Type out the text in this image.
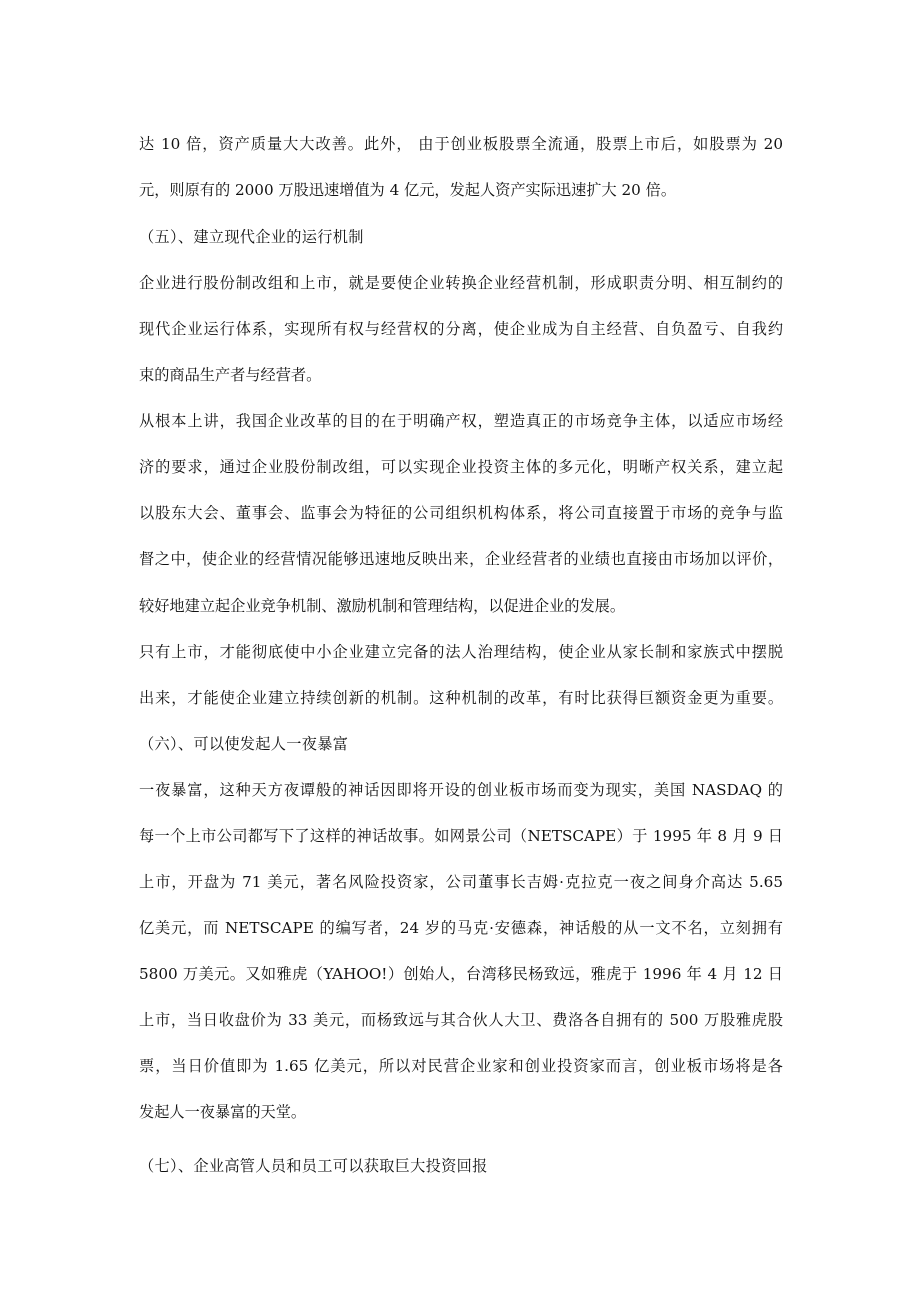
达 10 倍，资产质量大大改善。此外， 由于创业板股票全流通，股票上市后，如股票为 20
元，则原有的 2000 万股迅速增值为 4 亿元，发起人资产实际迅速扩大 20 倍。
（五）、建立现代企业的运行机制
企业进行股份制改组和上市，就是要使企业转换企业经营机制，形成职责分明、相互制约的
现代企业运行体系，实现所有权与经营权的分离，使企业成为自主经营、自负盈亏、自我约
束的商品生产者与经营者。
从根本上讲，我国企业改革的目的在于明确产权，塑造真正的市场竞争主体，以适应市场经
济的要求，通过企业股份制改组，可以实现企业投资主体的多元化，明晰产权关系，建立起
以股东大会、董事会、监事会为特征的公司组织机构体系，将公司直接置于市场的竞争与监
督之中，使企业的经营情况能够迅速地反映出来，企业经营者的业绩也直接由市场加以评价，
较好地建立起企业竞争机制、激励机制和管理结构，以促进企业的发展。
只有上市，才能彻底使中小企业建立完备的法人治理结构，使企业从家长制和家族式中摆脱
出来，才能使企业建立持续创新的机制。这种机制的改革，有时比获得巨额资金更为重要。
（六）、可以使发起人一夜暴富
一夜暴富，这种天方夜谭般的神话因即将开设的创业板市场而变为现实，美国 NASDAQ 的
每一个上市公司都写下了这样的神话故事。如网景公司（NETSCAPE）于 1995 年 8 月 9 日
上市，开盘为 71 美元，著名风险投资家，公司董事长吉姆·克拉克一夜之间身介高达 5.65
亿美元，而 NETSCAPE 的编写者，24 岁的马克·安德森，神话般的从一文不名，立刻拥有
5800 万美元。又如雅虎（YAHOO!）创始人，台湾移民杨致远，雅虎于 1996 年 4 月 12 日
上市，当日收盘价为 33 美元，而杨致远与其合伙人大卫、费洛各自拥有的 500 万股雅虎股
票，当日价值即为 1.65 亿美元，所以对民营企业家和创业投资家而言，创业板市场将是各
发起人一夜暴富的天堂。
（七）、企业高管人员和员工可以获取巨大投资回报
